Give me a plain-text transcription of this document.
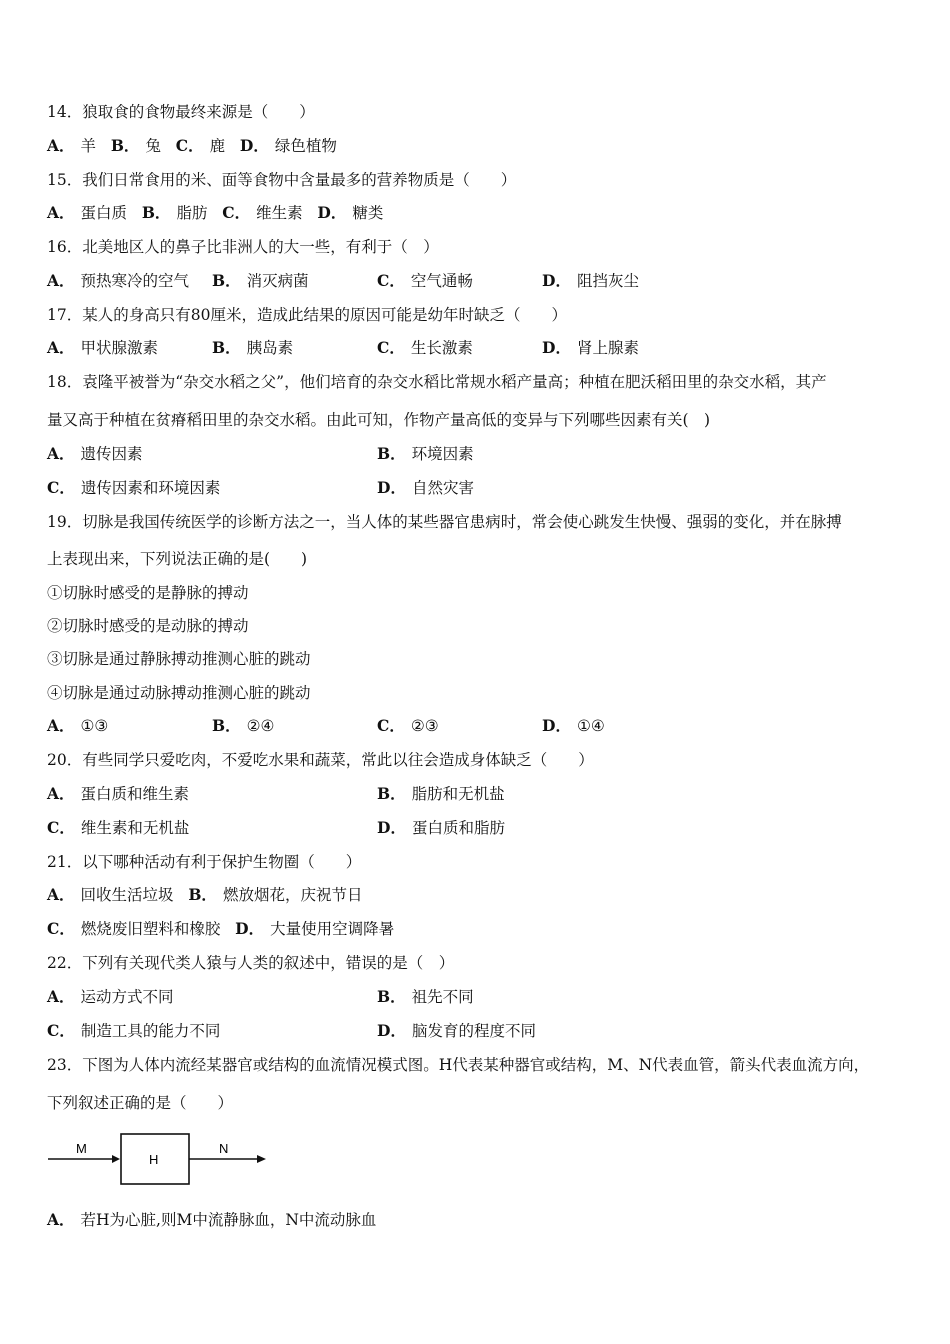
14．狼取食的食物最终来源是（　　）
A． 羊 B． 兔 C． 鹿 D． 绿色植物
15．我们日常食用的米、面等食物中含量最多的营养物质是（　　）
A． 蛋白质 B． 脂肪 C． 维生素 D． 糖类
16．北美地区人的鼻子比非洲人的大一些，有利于（　）
A． 预热寒冷的空气 B． 消灭病菌	C． 空气通畅	D． 阻挡灰尘
17．某人的身高只有80厘米，造成此结果的原因可能是幼年时缺乏（　　）
A． 甲状腺激素	B． 胰岛素	C． 生长激素	D． 肾上腺素
18．袁隆平被誉为“杂交水稻之父”，他们培育的杂交水稻比常规水稻产量高；种植在肥沃稻田里的杂交水稻，其产
量又高于种植在贫瘠稻田里的杂交水稻。由此可知，作物产量高低的变异与下列哪些因素有关(　)
A． 遗传因素	B． 环境因素
C． 遗传因素和环境因素	D． 自然灾害
19．切脉是我国传统医学的诊断方法之一，当人体的某些器官患病时，常会使心跳发生快慢、强弱的变化，并在脉搏
上表现出来，下列说法正确的是(　　)
①切脉时感受的是静脉的搏动
②切脉时感受的是动脉的搏动
③切脉是通过静脉搏动推测心脏的跳动
④切脉是通过动脉搏动推测心脏的跳动
A． ①③	B． ②④	C． ②③	D． ①④
20．有些同学只爱吃肉，不爱吃水果和蔬菜，常此以往会造成身体缺乏（　　）
A． 蛋白质和维生素	B． 脂肪和无机盐
C． 维生素和无机盐	D． 蛋白质和脂肪
21．以下哪种活动有利于保护生物圈（　　）
A． 回收生活垃圾 B． 燃放烟花，庆祝节日
C． 燃烧废旧塑料和橡胶 D． 大量使用空调降暑
22．下列有关现代类人猿与人类的叙述中，错误的是（　）
A． 运动方式不同	B． 祖先不同
C． 制造工具的能力不同	D． 脑发育的程度不同
23．下图为人体内流经某器官或结构的血流情况模式图。H代表某种器官或结构，M、N代表血管，箭头代表血流方向，
下列叙述正确的是（　　）
M
H
N
A． 若H为心脏,则M中流静脉血，N中流动脉血
